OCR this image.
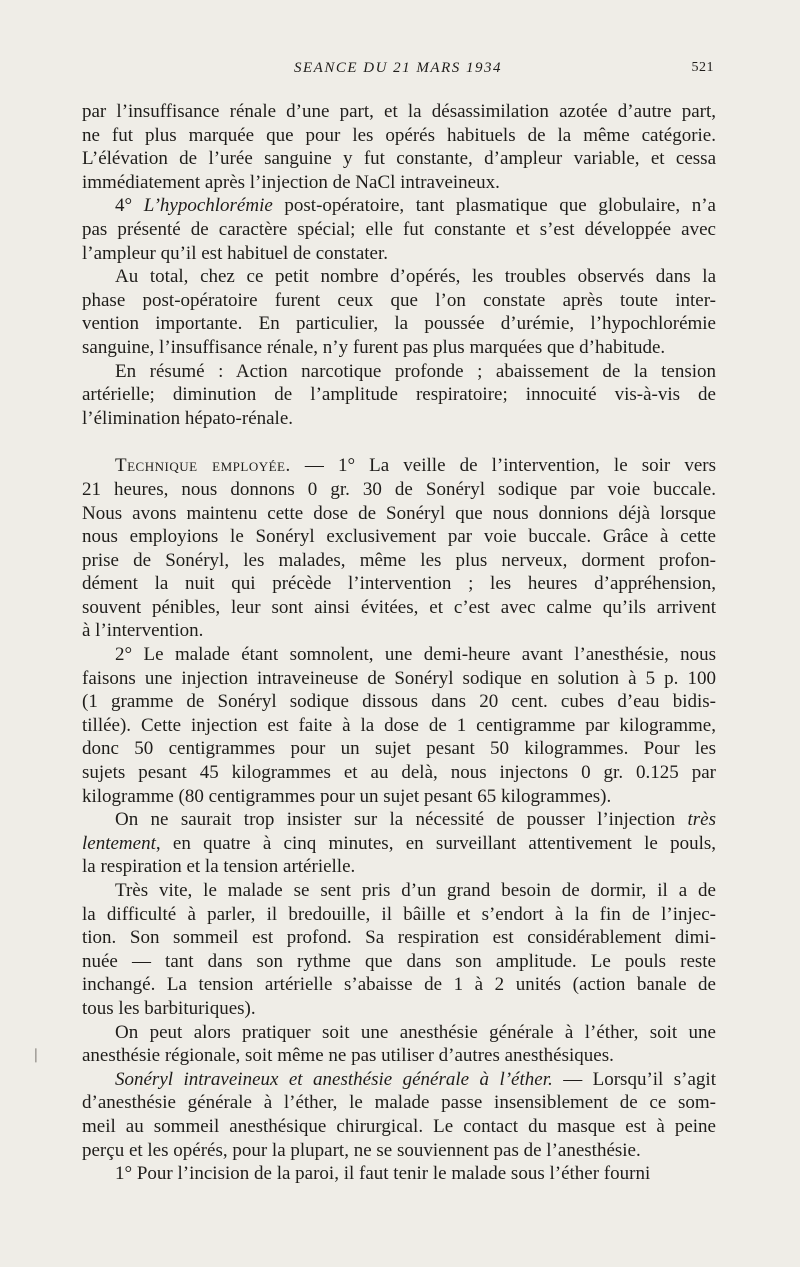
SEANCE DU 21 MARS 1934	521
❘
par l’insuffisance rénale d’une part, et la désassimilation azotée d’autre part,
ne fut plus marquée que pour les opérés habituels de la même catégorie.
L’élévation de l’urée sanguine y fut constante, d’ampleur variable, et cessa
immédiatement après l’injection de NaCl intraveineux.
4° L’hypochlorémie post-opératoire, tant plasmatique que globulaire, n’a
pas présenté de caractère spécial; elle fut constante et s’est développée avec
l’ampleur qu’il est habituel de constater.
Au total, chez ce petit nombre d’opérés, les troubles observés dans la
phase post-opératoire furent ceux que l’on constate après toute inter-
vention importante. En particulier, la poussée d’urémie, l’hypochlorémie
sanguine, l’insuffisance rénale, n’y furent pas plus marquées que d’habitude.
En résumé : Action narcotique profonde ; abaissement de la tension
artérielle; diminution de l’amplitude respiratoire; innocuité vis-à-vis de
l’élimination hépato-rénale.
Technique employée. — 1° La veille de l’intervention, le soir vers
21 heures, nous donnons 0 gr. 30 de Sonéryl sodique par voie buccale.
Nous avons maintenu cette dose de Sonéryl que nous donnions déjà lorsque
nous employions le Sonéryl exclusivement par voie buccale. Grâce à cette
prise de Sonéryl, les malades, même les plus nerveux, dorment profon-
dément la nuit qui précède l’intervention ; les heures d’appréhension,
souvent pénibles, leur sont ainsi évitées, et c’est avec calme qu’ils arrivent
à l’intervention.
2° Le malade étant somnolent, une demi-heure avant l’anesthésie, nous
faisons une injection intraveineuse de Sonéryl sodique en solution à 5 p. 100
(1 gramme de Sonéryl sodique dissous dans 20 cent. cubes d’eau bidis-
tillée). Cette injection est faite à la dose de 1 centigramme par kilogramme,
donc 50 centigrammes pour un sujet pesant 50 kilogrammes. Pour les
sujets pesant 45 kilogrammes et au delà, nous injectons 0 gr. 0.125 par
kilogramme (80 centigrammes pour un sujet pesant 65 kilogrammes).
On ne saurait trop insister sur la nécessité de pousser l’injection très
lentement, en quatre à cinq minutes, en surveillant attentivement le pouls,
la respiration et la tension artérielle.
Très vite, le malade se sent pris d’un grand besoin de dormir, il a de
la difficulté à parler, il bredouille, il bâille et s’endort à la fin de l’injec-
tion. Son sommeil est profond. Sa respiration est considérablement dimi-
nuée — tant dans son rythme que dans son amplitude. Le pouls reste
inchangé. La tension artérielle s’abaisse de 1 à 2 unités (action banale de
tous les barbituriques).
On peut alors pratiquer soit une anesthésie générale à l’éther, soit une
anesthésie régionale, soit même ne pas utiliser d’autres anesthésiques.
Sonéryl intraveineux et anesthésie générale à l’éther. — Lorsqu’il s’agit
d’anesthésie générale à l’éther, le malade passe insensiblement de ce som-
meil au sommeil anesthésique chirurgical. Le contact du masque est à peine
perçu et les opérés, pour la plupart, ne se souviennent pas de l’anesthésie.
1° Pour l’incision de la paroi, il faut tenir le malade sous l’éther fourni
